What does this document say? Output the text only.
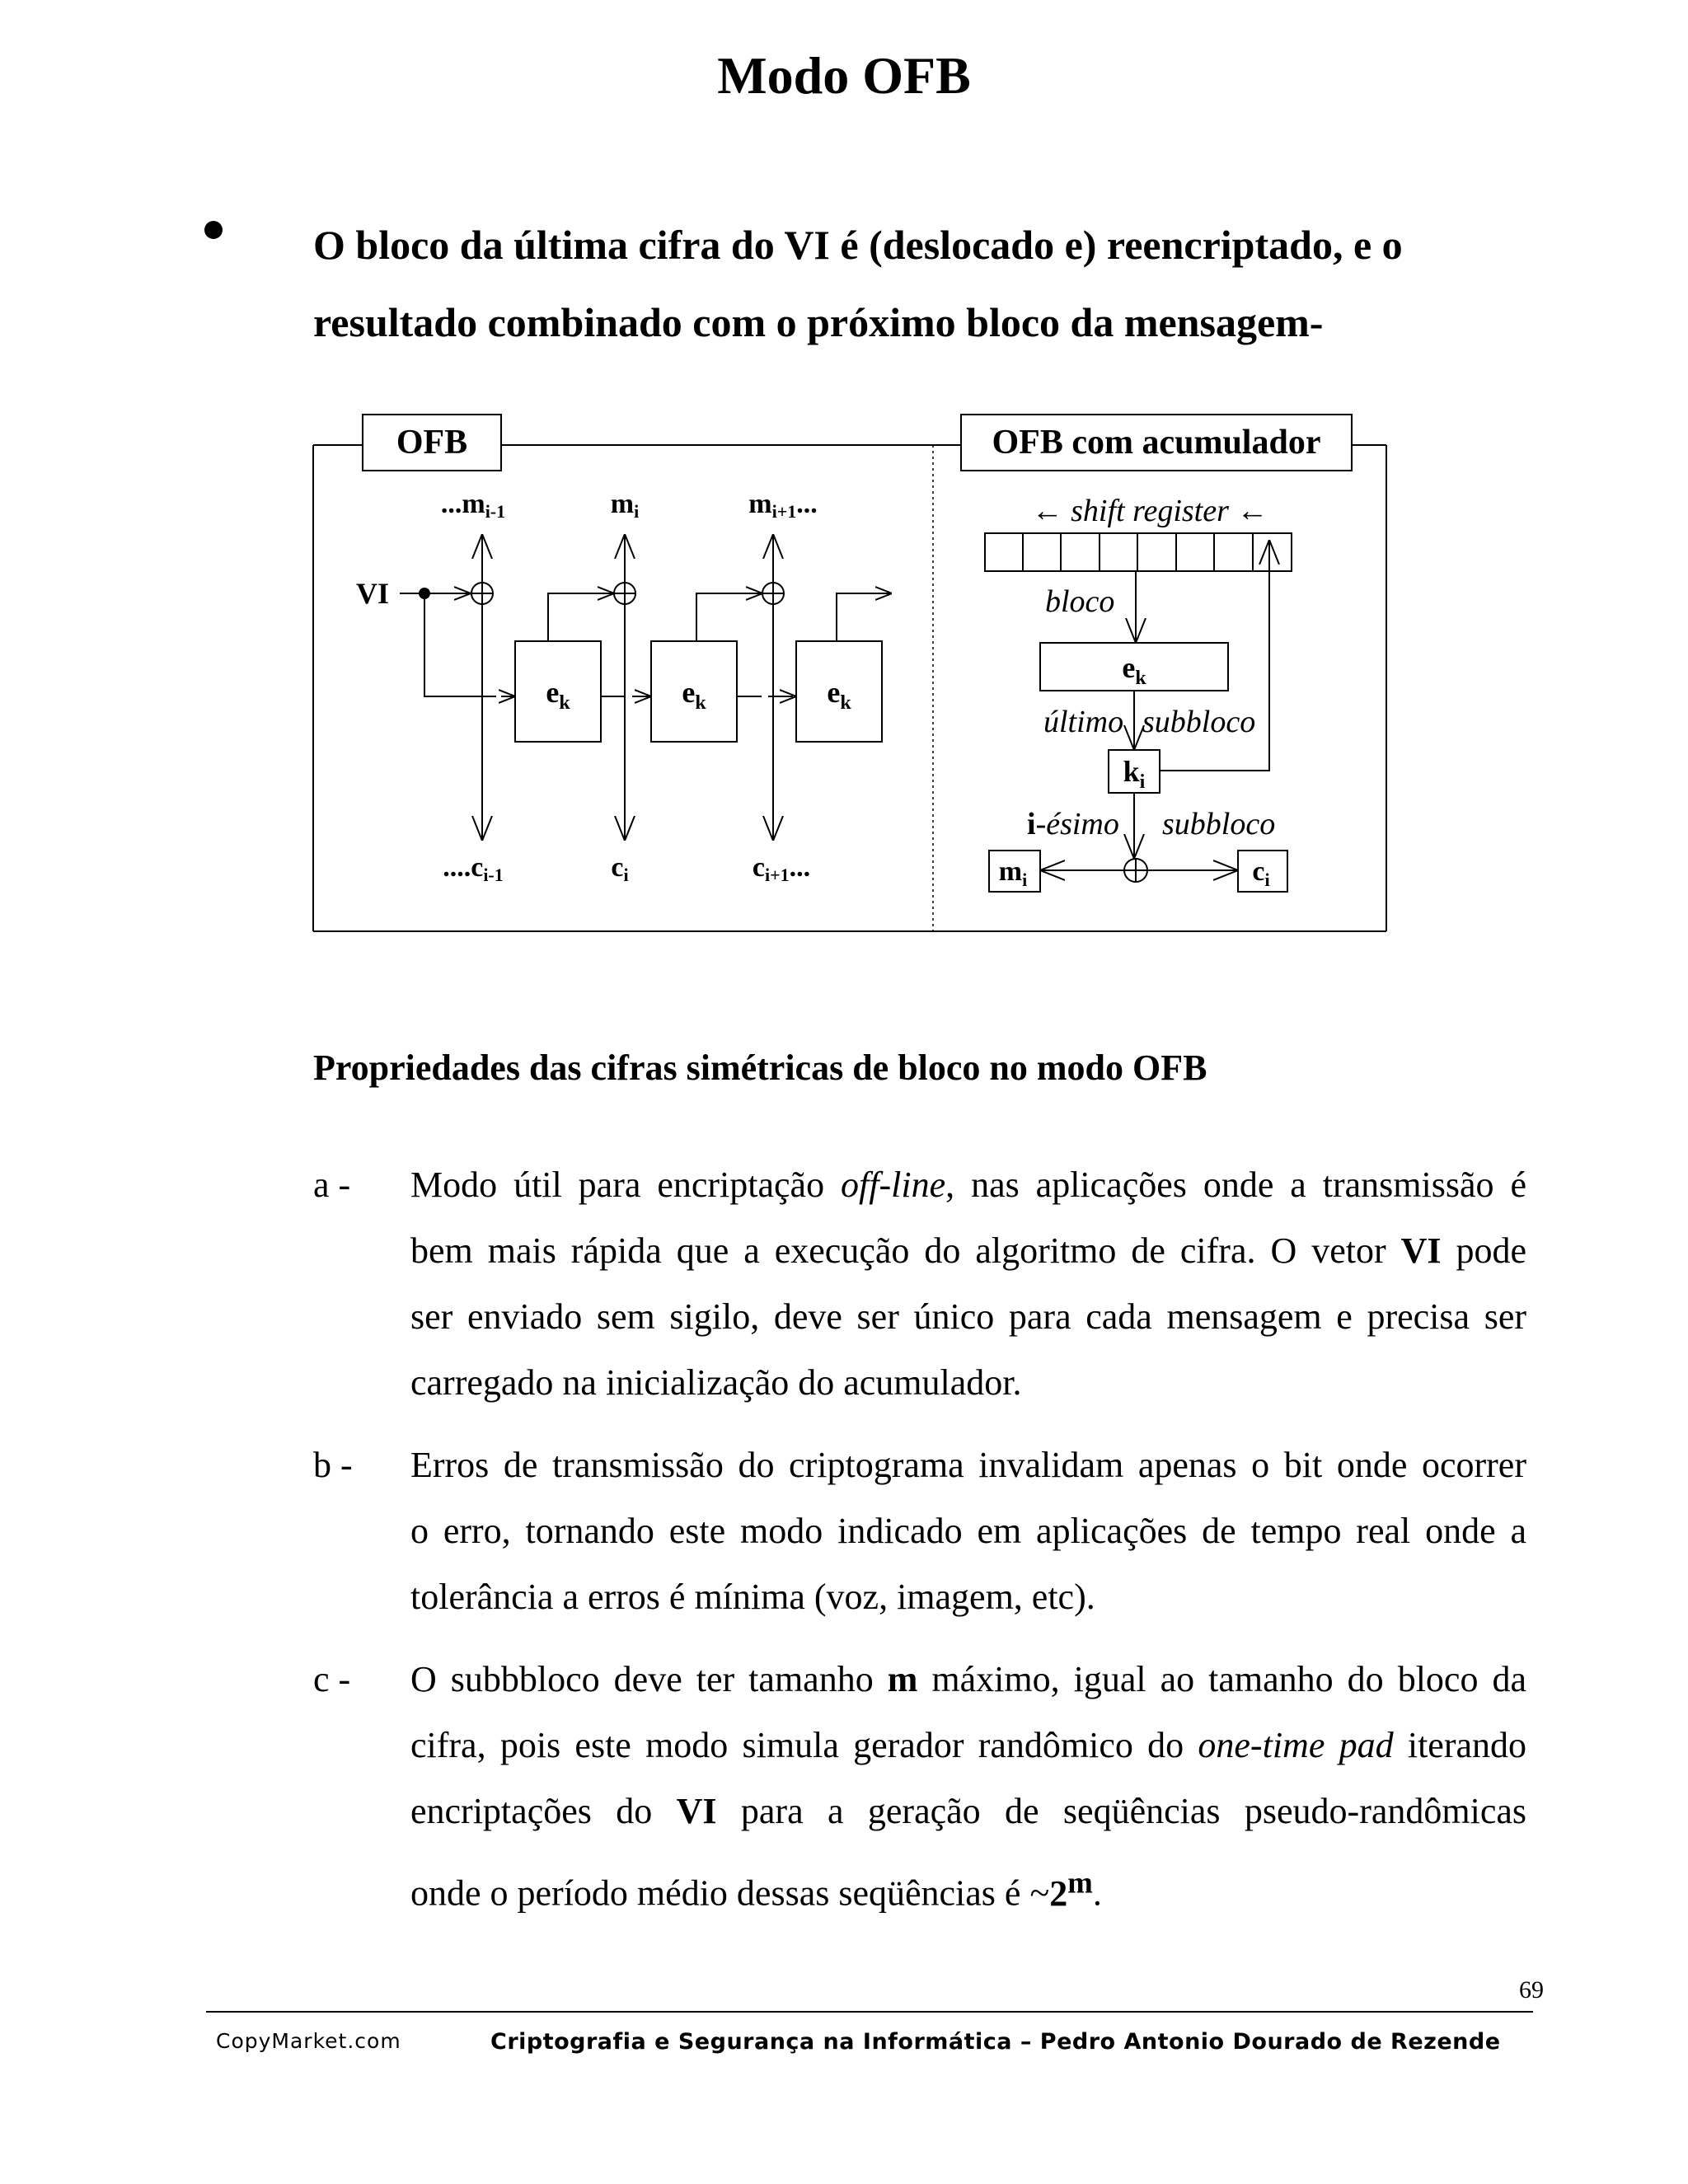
Modo OFB
O bloco da última cifra do VI é (deslocado e) reencriptado, e o
resultado combinado com o próximo bloco da mensagem-
OFB	OFB com acumulador
...mi-1	mi	mi+1...
VI
$e_k$	$e_k$	$e_k$
....ci-1	ci	ci+1...
← shift register ←
bloco
$e_k$
último subbloco
$k_i$
i-ésimo subbloco
$m_i$	$c_i$
Propriedades das cifras simétricas de bloco no modo OFB
a - Modo útil para encriptação off-line, nas aplicações onde a transmissão é
bem mais rápida que a execução do algoritmo de cifra. O vetor VI pode
ser enviado sem sigilo, deve ser único para cada mensagem e precisa ser
carregado na inicialização do acumulador.
b - Erros de transmissão do criptograma invalidam apenas o bit onde ocorrer
o erro, tornando este modo indicado em aplicações de tempo real onde a
tolerância a erros é mínima (voz, imagem, etc).
c - O subbbloco deve ter tamanho m máximo, igual ao tamanho do bloco da
cifra, pois este modo simula gerador randômico do one-time pad iterando
encriptações do VI para a geração de seqüências pseudo-randômicas
onde o período médio dessas seqüências é ~2$^m$.
69
CopyMarket.com	Criptografia e Segurança na Informática – Pedro Antonio Dourado de Rezende
